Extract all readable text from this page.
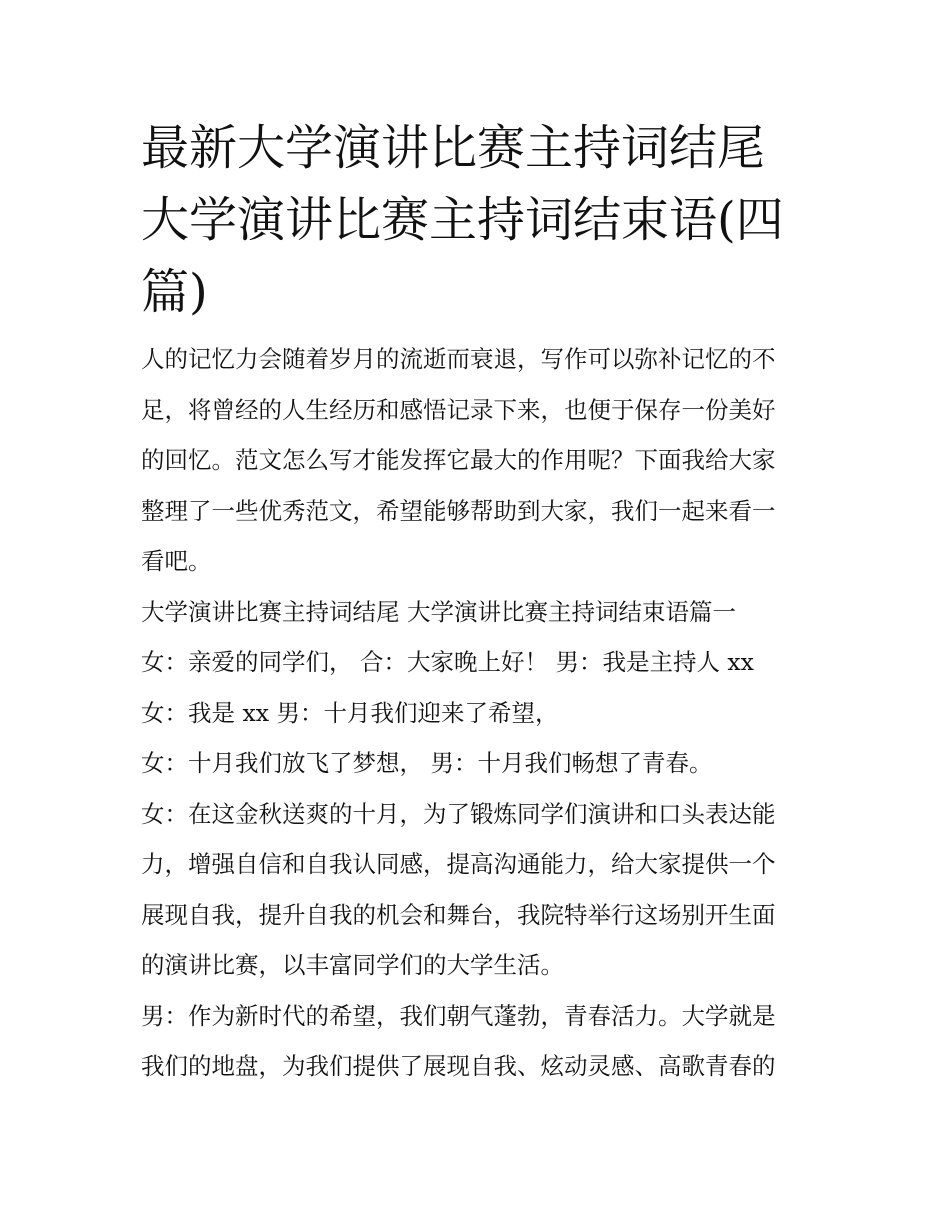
最新大学演讲比赛主持词结尾
大学演讲比赛主持词结束语(四
篇)

人的记忆力会随着岁月的流逝而衰退，写作可以弥补记忆的不
足，将曾经的人生经历和感悟记录下来，也便于保存一份美好
的回忆。范文怎么写才能发挥它最大的作用呢？下面我给大家
整理了一些优秀范文，希望能够帮助到大家，我们一起来看一
看吧。

大学演讲比赛主持词结尾 大学演讲比赛主持词结束语篇一

女：亲爱的同学们， 合：大家晚上好！ 男：我是主持人 xx

女：我是 xx 男：十月我们迎来了希望，

女：十月我们放飞了梦想， 男：十月我们畅想了青春。

女：在这金秋送爽的十月，为了锻炼同学们演讲和口头表达能
力，增强自信和自我认同感，提高沟通能力，给大家提供一个
展现自我，提升自我的机会和舞台，我院特举行这场别开生面
的演讲比赛，以丰富同学们的大学生活。

男：作为新时代的希望，我们朝气蓬勃，青春活力。大学就是
我们的地盘，为我们提供了展现自我、炫动灵感、高歌青春的
